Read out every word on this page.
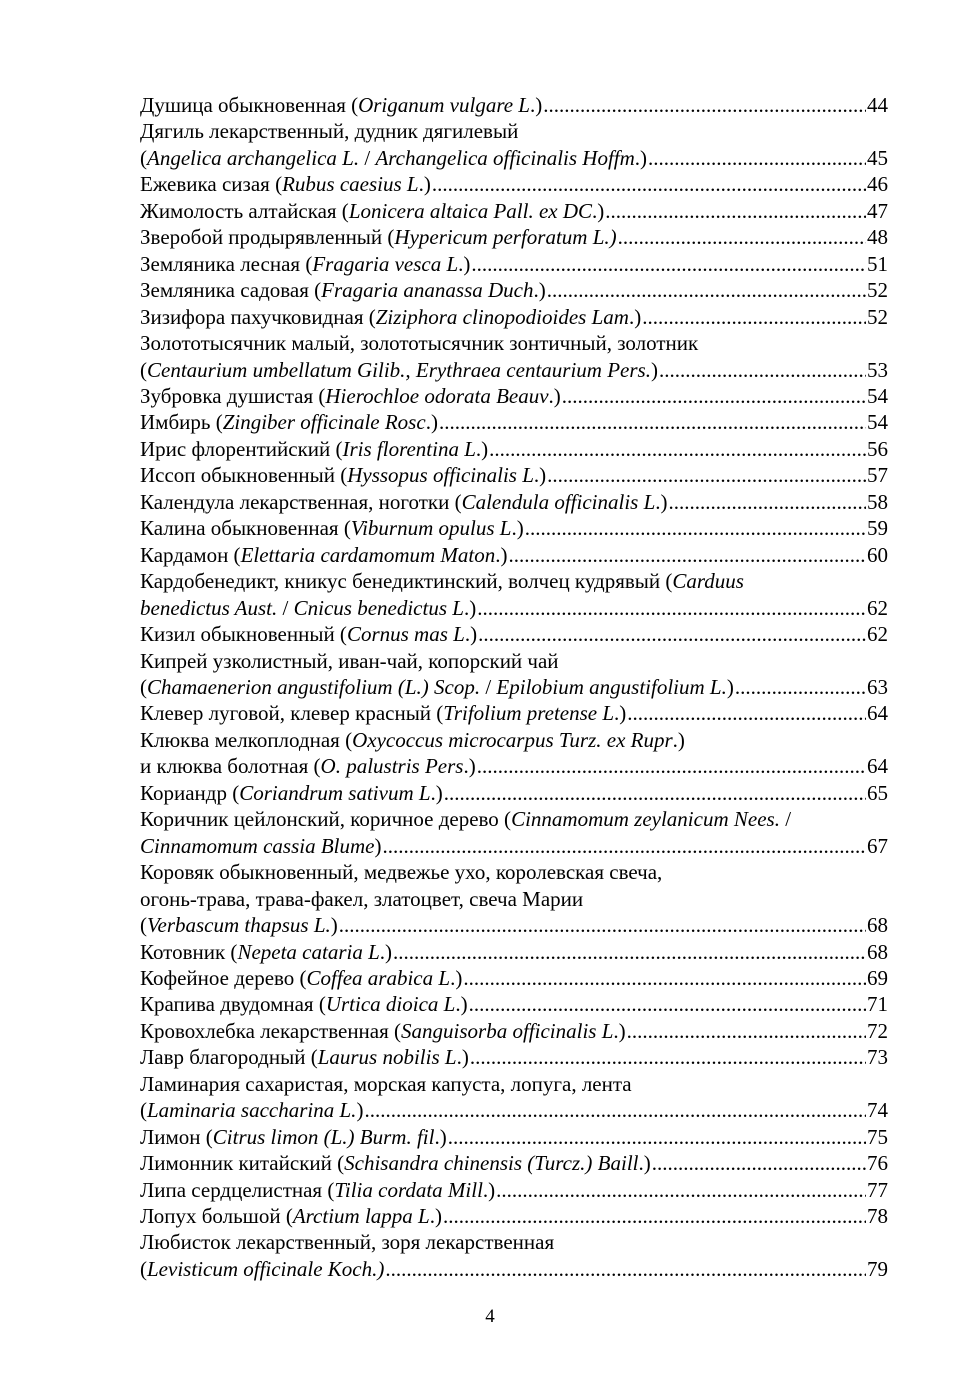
Душица обыкновенная (Origanum vulgare L.) .....	44
Дягиль лекарственный, дудник дягилевый
(Angelica archangelica L. / Archangelica officinalis Hoffm.) .....	45
Ежевика сизая (Rubus caesius L.) .....	46
Жимолость алтайская (Lonicera altaica Pall. ex DC.) .....	47
Зверобой продырявленный (Hypericum perforatum L.) .....	48
Земляника лесная (Fragaria vesca L.) .....	51
Земляника садовая (Fragaria ananassa Duch.) .....	52
Зизифора пахучковидная (Ziziphora clinopodioides Lam.) .....	52
Золототысячник малый, золототысячник зонтичный, золотник
(Centaurium umbellatum Gilib., Erythraea centaurium Pers.) .....	53
Зубровка душистая (Hierochloe odorata Beauv.) .....	54
Имбирь (Zingiber officinale Rosc.) .....	54
Ирис флорентийский (Iris florentina L.) .....	56
Иссоп обыкновенный (Hyssopus officinalis L.) .....	57
Календула лекарственная, ноготки (Calendula officinalis L.) .....	58
Калина обыкновенная (Viburnum opulus L.) .....	59
Кардамон (Elettaria cardamomum Maton.) .....	60
Кардобенедикт, кникус бенедиктинский, волчец кудрявый (Carduus
benedictus Aust. / Cnicus benedictus L.) .....	62
Кизил обыкновенный (Cornus mas L.) .....	62
Кипрей узколистный, иван-чай, копорский чай
(Chamaenerion angustifolium (L.) Scop. / Epilobium angustifolium L.) .....	63
Клевер луговой, клевер красный (Trifolium pretense L.) .....	64
Клюква мелкоплодная (Oxycoccus microcarpus Turz. ex Rupr.)
и клюква болотная (O. palustris Pers.) .....	64
Кориандр (Coriandrum sativum L.) .....	65
Коричник цейлонский, коричное дерево (Cinnamomum zeylanicum Nees. /
Cinnamomum cassia Blume) .....	67
Коровяк обыкновенный, медвежье ухо, королевская свеча,
огонь-трава, трава-факел, златоцвет, свеча Марии
(Verbascum thapsus L.) .....	68
Котовник (Nepeta cataria L.) .....	68
Кофейное дерево (Coffea arabica L.) .....	69
Крапива двудомная (Urtica dioica L.) .....	71
Кровохлебка лекарственная (Sanguisorba officinalis L.) .....	72
Лавр благородный (Laurus nobilis L.) .....	73
Ламинария сахаристая, морская капуста, лопуга, лента
(Laminaria saccharina L.) .....	74
Лимон (Citrus limon (L.) Burm. fil.) .....	75
Лимонник китайский (Schisandra chinensis (Turcz.) Baill.) .....	76
Липа сердцелистная (Tilia cordata Mill.) .....	77
Лопух большой (Arctium lappa L.) .....	78
Любисток лекарственный, зоря лекарственная
(Levisticum officinale Koch.) .....	79
4
